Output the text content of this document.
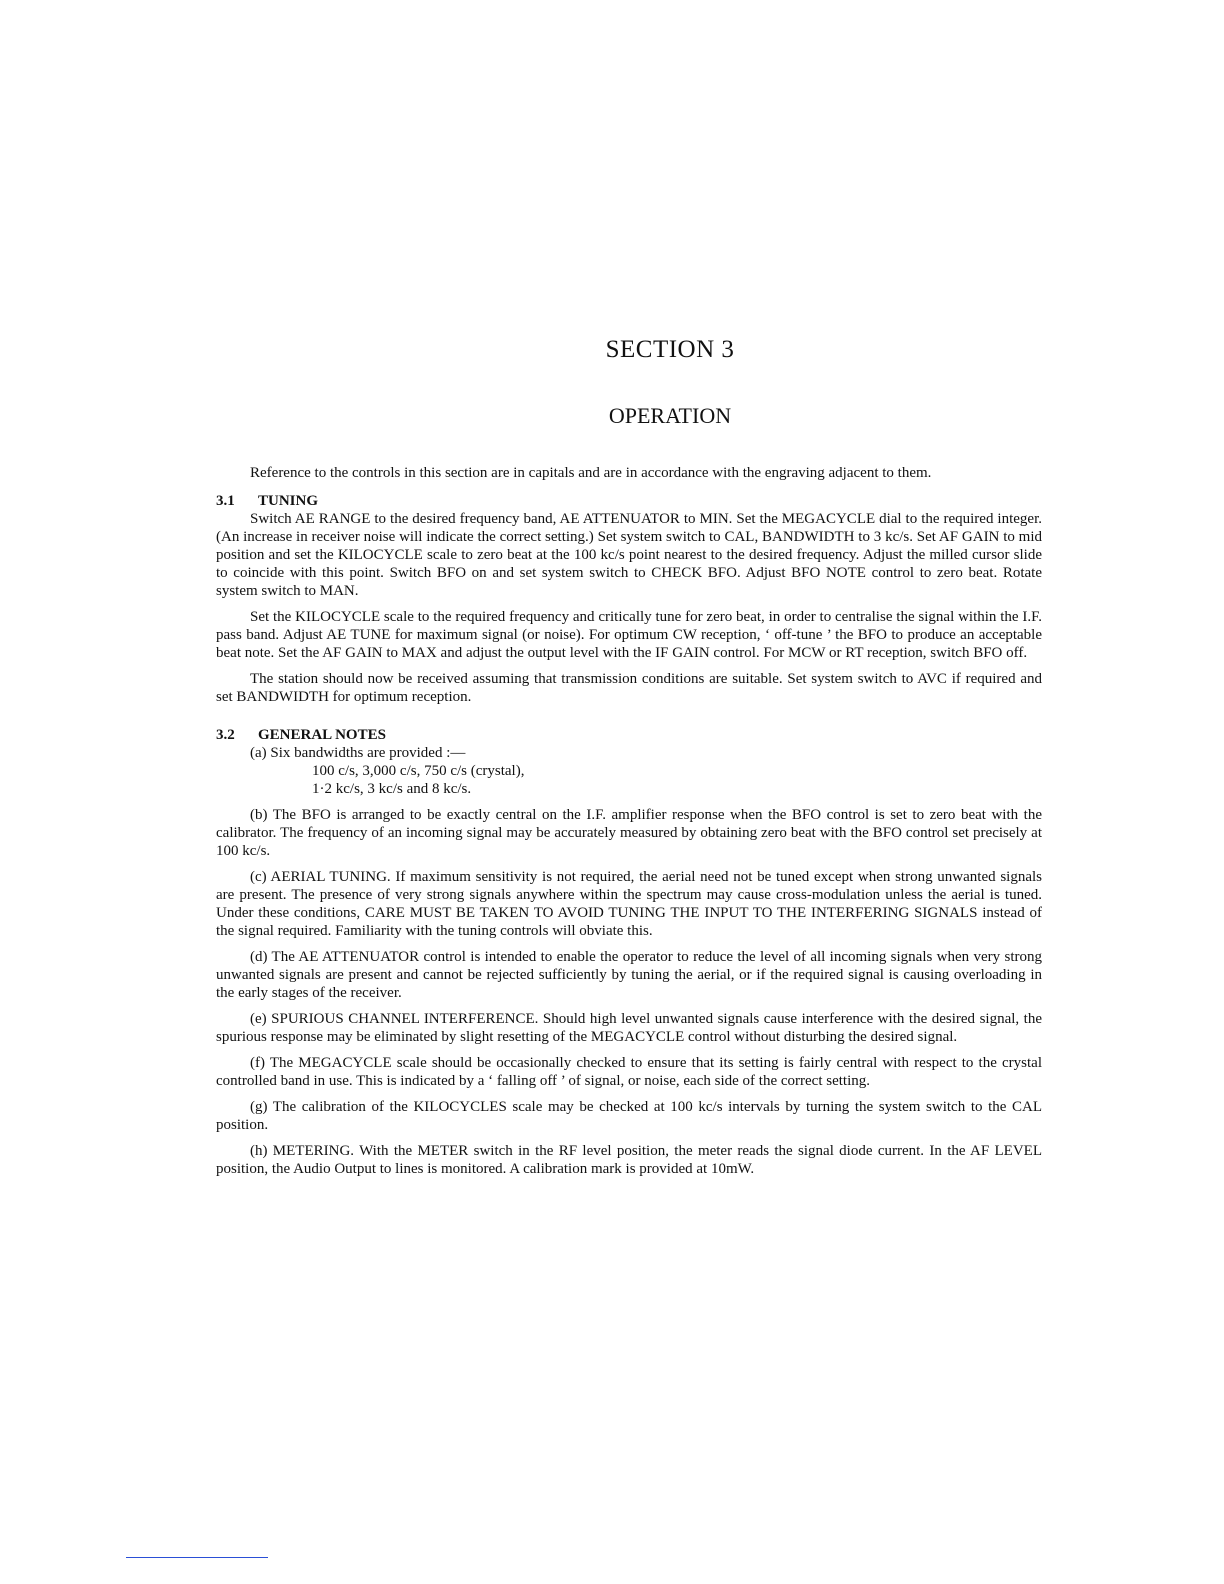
SECTION 3
OPERATION

Reference to the controls in this section are in capitals and are in accordance with the engraving adjacent to them.

3.1 TUNING

Switch AE RANGE to the desired frequency band, AE ATTENUATOR to MIN. Set the MEGACYCLE dial to the required integer. (An increase in receiver noise will indicate the correct setting.) Set system switch to CAL, BANDWIDTH to 3 kc/s. Set AF GAIN to mid position and set the KILOCYCLE scale to zero beat at the 100 kc/s point nearest to the desired frequency. Adjust the milled cursor slide to coincide with this point. Switch BFO on and set system switch to CHECK BFO. Adjust BFO NOTE control to zero beat. Rotate system switch to MAN.

Set the KILOCYCLE scale to the required frequency and critically tune for zero beat, in order to centralise the signal within the I.F. pass band. Adjust AE TUNE for maximum signal (or noise). For optimum CW reception, ‘ off-tune ’ the BFO to produce an acceptable beat note. Set the AF GAIN to MAX and adjust the output level with the IF GAIN control. For MCW or RT reception, switch BFO off.

The station should now be received assuming that transmission conditions are suitable. Set system switch to AVC if required and set BANDWIDTH for optimum reception.

3.2 GENERAL NOTES

(a) Six bandwidths are provided :—

100 c/s, 3,000 c/s, 750 c/s (crystal),
1·2 kc/s, 3 kc/s and 8 kc/s.

(b) The BFO is arranged to be exactly central on the I.F. amplifier response when the BFO control is set to zero beat with the calibrator. The frequency of an incoming signal may be accurately measured by obtaining zero beat with the BFO control set precisely at 100 kc/s.

(c) AERIAL TUNING. If maximum sensitivity is not required, the aerial need not be tuned except when strong unwanted signals are present. The presence of very strong signals anywhere within the spectrum may cause cross-modulation unless the aerial is tuned. Under these conditions, CARE MUST BE TAKEN TO AVOID TUNING THE INPUT TO THE INTERFERING SIGNALS instead of the signal required. Familiarity with the tuning controls will obviate this.

(d) The AE ATTENUATOR control is intended to enable the operator to reduce the level of all incoming signals when very strong unwanted signals are present and cannot be rejected sufficiently by tuning the aerial, or if the required signal is causing overloading in the early stages of the receiver.

(e) SPURIOUS CHANNEL INTERFERENCE. Should high level unwanted signals cause interference with the desired signal, the spurious response may be eliminated by slight resetting of the MEGACYCLE control without disturbing the desired signal.

(f) The MEGACYCLE scale should be occasionally checked to ensure that its setting is fairly central with respect to the crystal controlled band in use. This is indicated by a ‘ falling off ’ of signal, or noise, each side of the correct setting.

(g) The calibration of the KILOCYCLES scale may be checked at 100 kc/s intervals by turning the system switch to the CAL position.

(h) METERING. With the METER switch in the RF level position, the meter reads the signal diode current. In the AF LEVEL position, the Audio Output to lines is monitored. A calibration mark is provided at 10mW.
